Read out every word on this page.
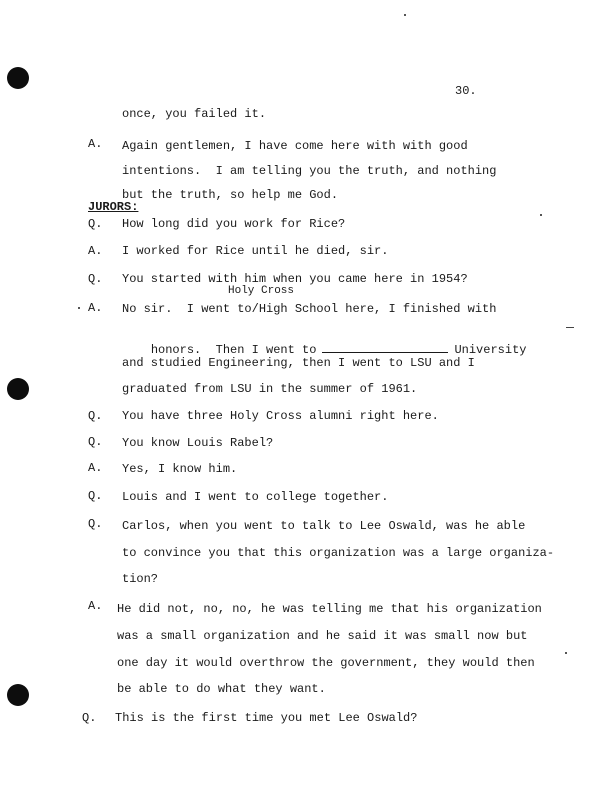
30.
once, you failed it.
A. Again gentlemen, I have come here with with good
intentions.  I am telling you the truth, and nothing
but the truth, so help me God.
JURORS:
Q. How long did you work for Rice?
A. I worked for Rice until he died, sir.
Q. You started with him when you came here in 1954?
Holy Cross
A. No sir.  I went to/High School here, I finished with

honors.  Then I went to	University

and studied Engineering, then I went to LSU and I
graduated from LSU in the summer of 1961.
Q. You have three Holy Cross alumni right here.
Q. You know Louis Rabel?
A. Yes, I know him.
Q. Louis and I went to college together.
Q. Carlos, when you went to talk to Lee Oswald, was he able
to convince you that this organization was a large organiza-
tion?
A. He did not, no, no, he was telling me that his organization
was a small organization and he said it was small now but
one day it would overthrow the government, they would then
be able to do what they want.
Q. This is the first time you met Lee Oswald?
